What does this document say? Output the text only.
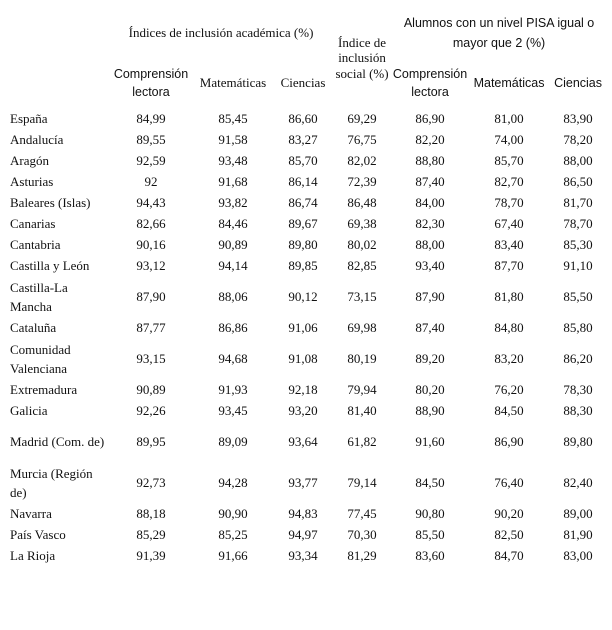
	Índices de inclusión académica (%)			Índice de inclusión social (%)	Alumnos con un nivel PISA igual o mayor que 2 (%)		
	Comprensión lectora	Matemáticas	Ciencias		Comprensión lectora	Matemáticas	Ciencias
España	84,99	85,45	86,60	69,29	86,90	81,00	83,90
Andalucía	89,55	91,58	83,27	76,75	82,20	74,00	78,20
Aragón	92,59	93,48	85,70	82,02	88,80	85,70	88,00
Asturias	92	91,68	86,14	72,39	87,40	82,70	86,50
Baleares (Islas)	94,43	93,82	86,74	86,48	84,00	78,70	81,70
Canarias	82,66	84,46	89,67	69,38	82,30	67,40	78,70
Cantabria	90,16	90,89	89,80	80,02	88,00	83,40	85,30
Castilla y León	93,12	94,14	89,85	82,85	93,40	87,70	91,10
Castilla-La Mancha	87,90	88,06	90,12	73,15	87,90	81,80	85,50
Cataluña	87,77	86,86	91,06	69,98	87,40	84,80	85,80
Comunidad Valenciana	93,15	94,68	91,08	80,19	89,20	83,20	86,20
Extremadura	90,89	91,93	92,18	79,94	80,20	76,20	78,30
Galicia	92,26	93,45	93,20	81,40	88,90	84,50	88,30
Madrid (Com. de)	89,95	89,09	93,64	61,82	91,60	86,90	89,80
Murcia (Región de)	92,73	94,28	93,77	79,14	84,50	76,40	82,40
Navarra	88,18	90,90	94,83	77,45	90,80	90,20	89,00
País Vasco	85,29	85,25	94,97	70,30	85,50	82,50	81,90
La Rioja	91,39	91,66	93,34	81,29	83,60	84,70	83,00
